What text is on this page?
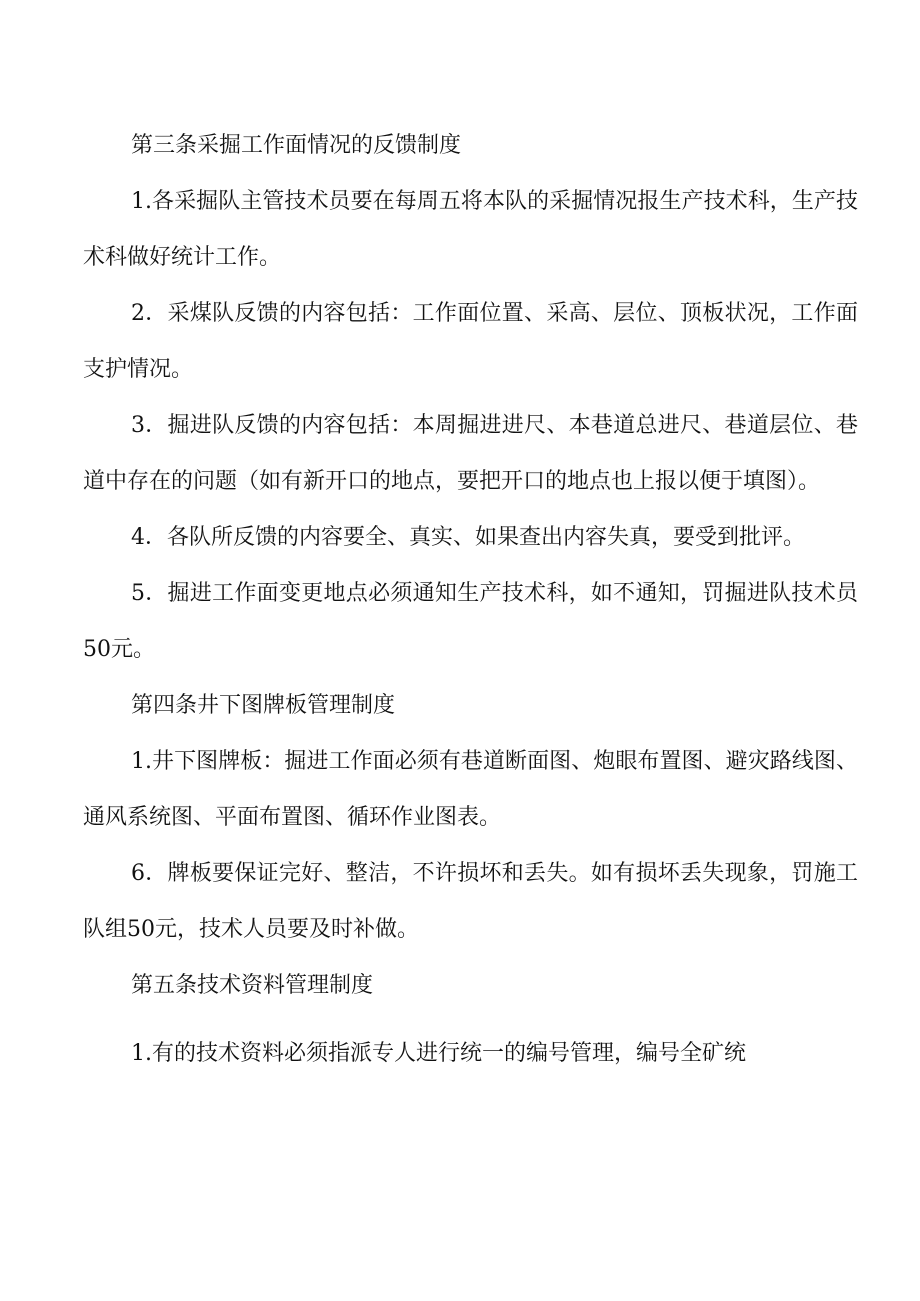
第三条采掘工作面情况的反馈制度

1.各采掘队主管技术员要在每周五将本队的采掘情况报生产技术科，生产技术科做好统计工作。

2．采煤队反馈的内容包括：工作面位置、采高、层位、顶板状况，工作面支护情况。

3．掘进队反馈的内容包括：本周掘进进尺、本巷道总进尺、巷道层位、巷道中存在的问题（如有新开口的地点，要把开口的地点也上报以便于填图）。

4．各队所反馈的内容要全、真实、如果查出内容失真，要受到批评。

5．掘进工作面变更地点必须通知生产技术科，如不通知，罚掘进队技术员50元。

第四条井下图牌板管理制度

1.井下图牌板：掘进工作面必须有巷道断面图、炮眼布置图、避灾路线图、通风系统图、平面布置图、循环作业图表。

6．牌板要保证完好、整洁，不许损坏和丢失。如有损坏丢失现象，罚施工队组50元，技术人员要及时补做。

第五条技术资料管理制度

1.有的技术资料必须指派专人进行统一的编号管理，编号全矿统
